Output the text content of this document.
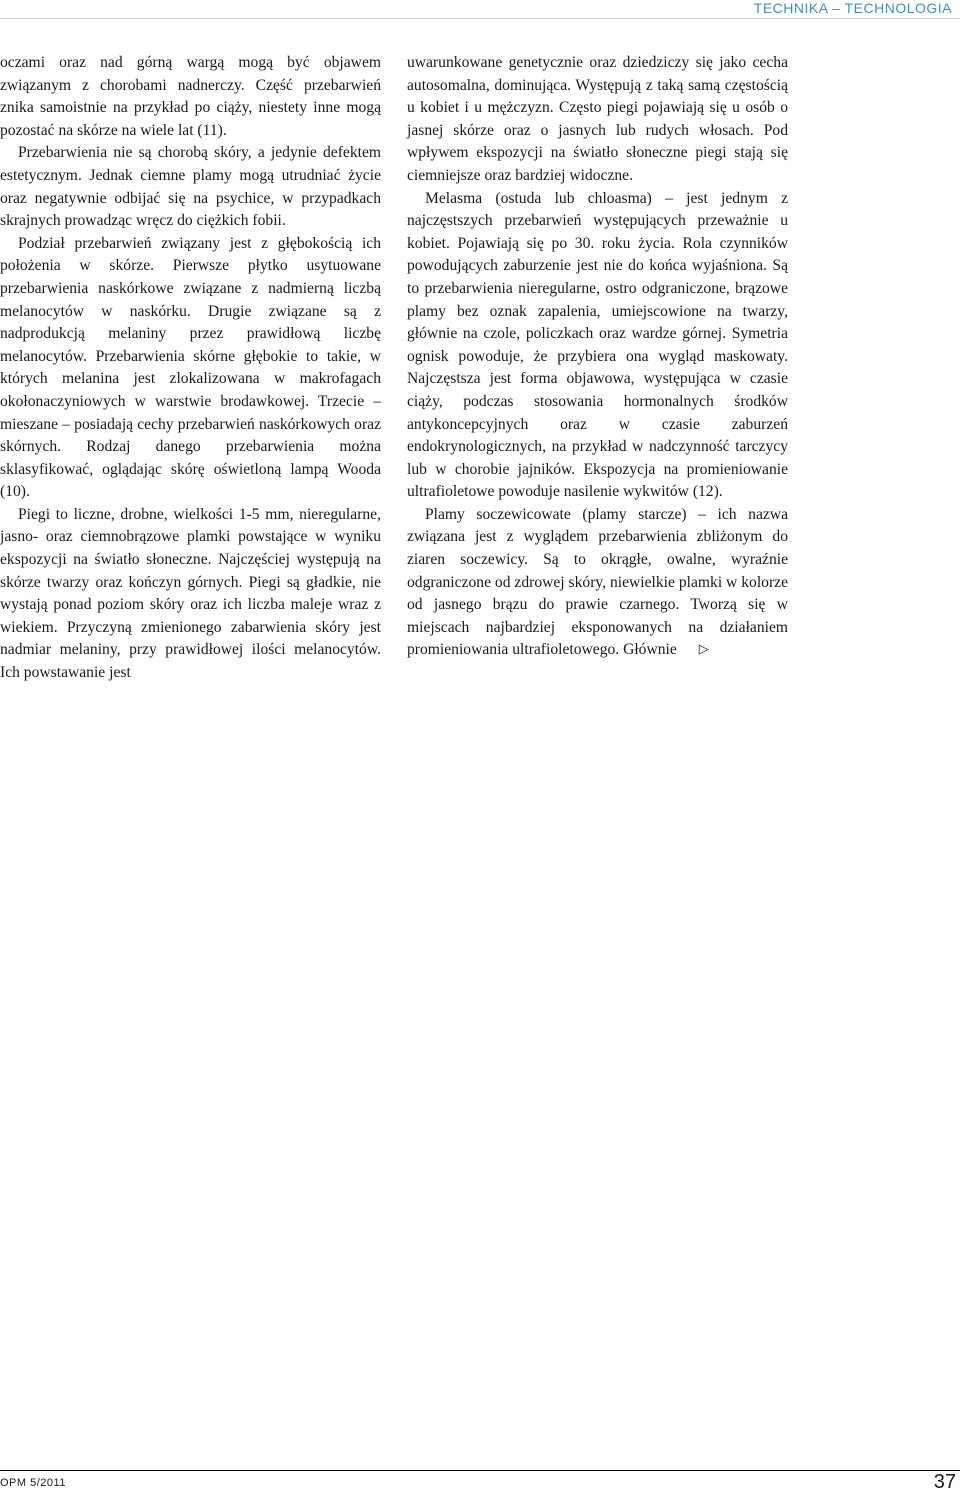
TECHNIKA – TECHNOLOGIA

oczami oraz nad górną wargą mogą być objawem związanym z chorobami nadnerczy. Część przebarwień znika samoistnie na przykład po ciąży, niestety inne mogą pozostać na skórze na wiele lat (11).

Przebarwienia nie są chorobą skóry, a jedynie defektem estetycznym. Jednak ciemne plamy mogą utrudniać życie oraz negatywnie odbijać się na psychice, w przypadkach skrajnych prowadząc wręcz do ciężkich fobii.

Podział przebarwień związany jest z głębokością ich położenia w skórze. Pierwsze płytko usytuowane przebarwienia naskórkowe związane z nadmierną liczbą melanocytów w naskórku. Drugie związane są z nadprodukcją melaniny przez prawidłową liczbę melanocytów. Przebarwienia skórne głębokie to takie, w których melanina jest zlokalizowana w makrofagach okołonaczyniowych w warstwie brodawkowej. Trzecie – mieszane – posiadają cechy przebarwień naskórkowych oraz skórnych. Rodzaj danego przebarwienia można sklasyfikować, oglądając skórę oświetloną lampą Wooda (10).

Piegi to liczne, drobne, wielkości 1-5 mm, nieregularne, jasno- oraz ciemnobrązowe plamki powstające w wyniku ekspozycji na światło słoneczne. Najczęściej występują na skórze twarzy oraz kończyn górnych. Piegi są gładkie, nie wystają ponad poziom skóry oraz ich liczba maleje wraz z wiekiem. Przyczyną zmienionego zabarwienia skóry jest nadmiar melaniny, przy prawidłowej ilości melanocytów. Ich powstawanie jest

uwarunkowane genetycznie oraz dziedziczy się jako cecha autosomalna, dominująca. Występują z taką samą częstością u kobiet i u mężczyzn. Często piegi pojawiają się u osób o jasnej skórze oraz o jasnych lub rudych włosach. Pod wpływem ekspozycji na światło słoneczne piegi stają się ciemniejsze oraz bardziej widoczne.

Melasma (ostuda lub chloasma) – jest jednym z najczęstszych przebarwień występujących przeważnie u kobiet. Pojawiają się po 30. roku życia. Rola czynników powodujących zaburzenie jest nie do końca wyjaśniona. Są to przebarwienia nieregularne, ostro odgraniczone, brązowe plamy bez oznak zapalenia, umiejscowione na twarzy, głównie na czole, policzkach oraz wardze górnej. Symetria ognisk powoduje, że przybiera ona wygląd maskowaty. Najczęstsza jest forma objawowa, występująca w czasie ciąży, podczas stosowania hormonalnych środków antykoncepcyjnych oraz w czasie zaburzeń endokrynologicznych, na przykład w nadczynność tarczycy lub w chorobie jajników. Ekspozycja na promieniowanie ultrafioletowe powoduje nasilenie wykwitów (12).

Plamy soczewicowate (plamy starcze) – ich nazwa związana jest z wyglądem przebarwienia zbliżonym do ziaren soczewicy. Są to okrągłe, owalne, wyraźnie odgraniczone od zdrowej skóry, niewielkie plamki w kolorze od jasnego brązu do prawie czarnego. Tworzą się w miejscach najbardziej eksponowanych na działaniem promieniowania ultrafioletowego. Głównie ▷

OPM 5/2011	37
